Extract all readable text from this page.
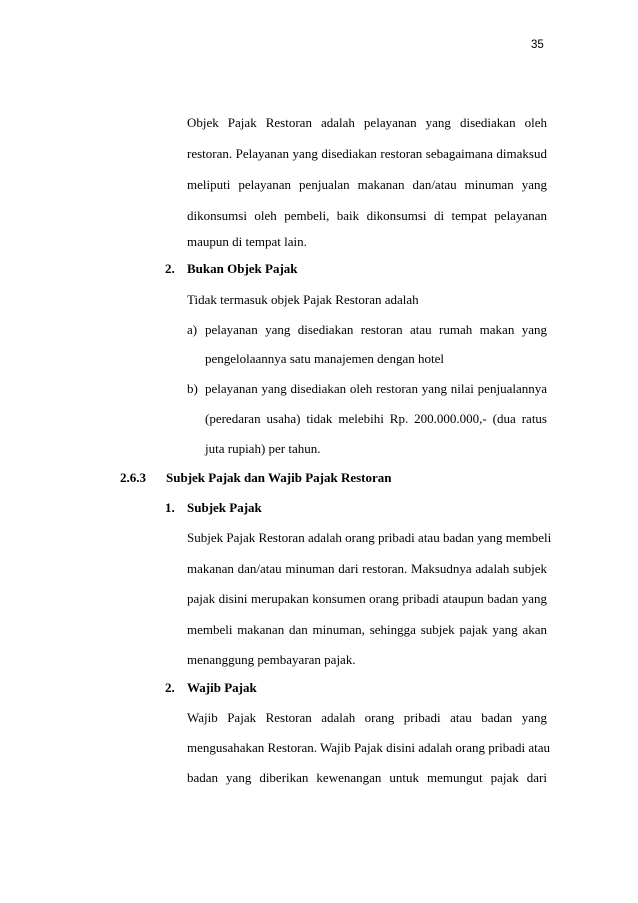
35
Objek Pajak Restoran adalah pelayanan yang disediakan oleh
restoran. Pelayanan yang disediakan restoran sebagaimana dimaksud
meliputi pelayanan penjualan makanan dan/atau minuman yang
dikonsumsi oleh pembeli, baik dikonsumsi di tempat pelayanan
maupun di tempat lain.
2. Bukan Objek Pajak
Tidak termasuk objek Pajak Restoran adalah
a) pelayanan yang disediakan restoran atau rumah makan yang
pengelolaannya satu manajemen dengan hotel
b) pelayanan yang disediakan oleh restoran yang nilai penjualannya
(peredaran usaha) tidak melebihi Rp. 200.000.000,- (dua ratus
juta rupiah) per tahun.
2.6.3 Subjek Pajak dan Wajib Pajak Restoran
1. Subjek Pajak
Subjek Pajak Restoran adalah orang pribadi atau badan yang membeli
makanan dan/atau minuman dari restoran. Maksudnya adalah subjek
pajak disini merupakan konsumen orang pribadi ataupun badan yang
membeli makanan dan minuman, sehingga subjek pajak yang akan
menanggung pembayaran pajak.
2. Wajib Pajak
Wajib Pajak Restoran adalah orang pribadi atau badan yang
mengusahakan Restoran. Wajib Pajak disini adalah orang pribadi atau
badan yang diberikan kewenangan untuk memungut pajak dari
